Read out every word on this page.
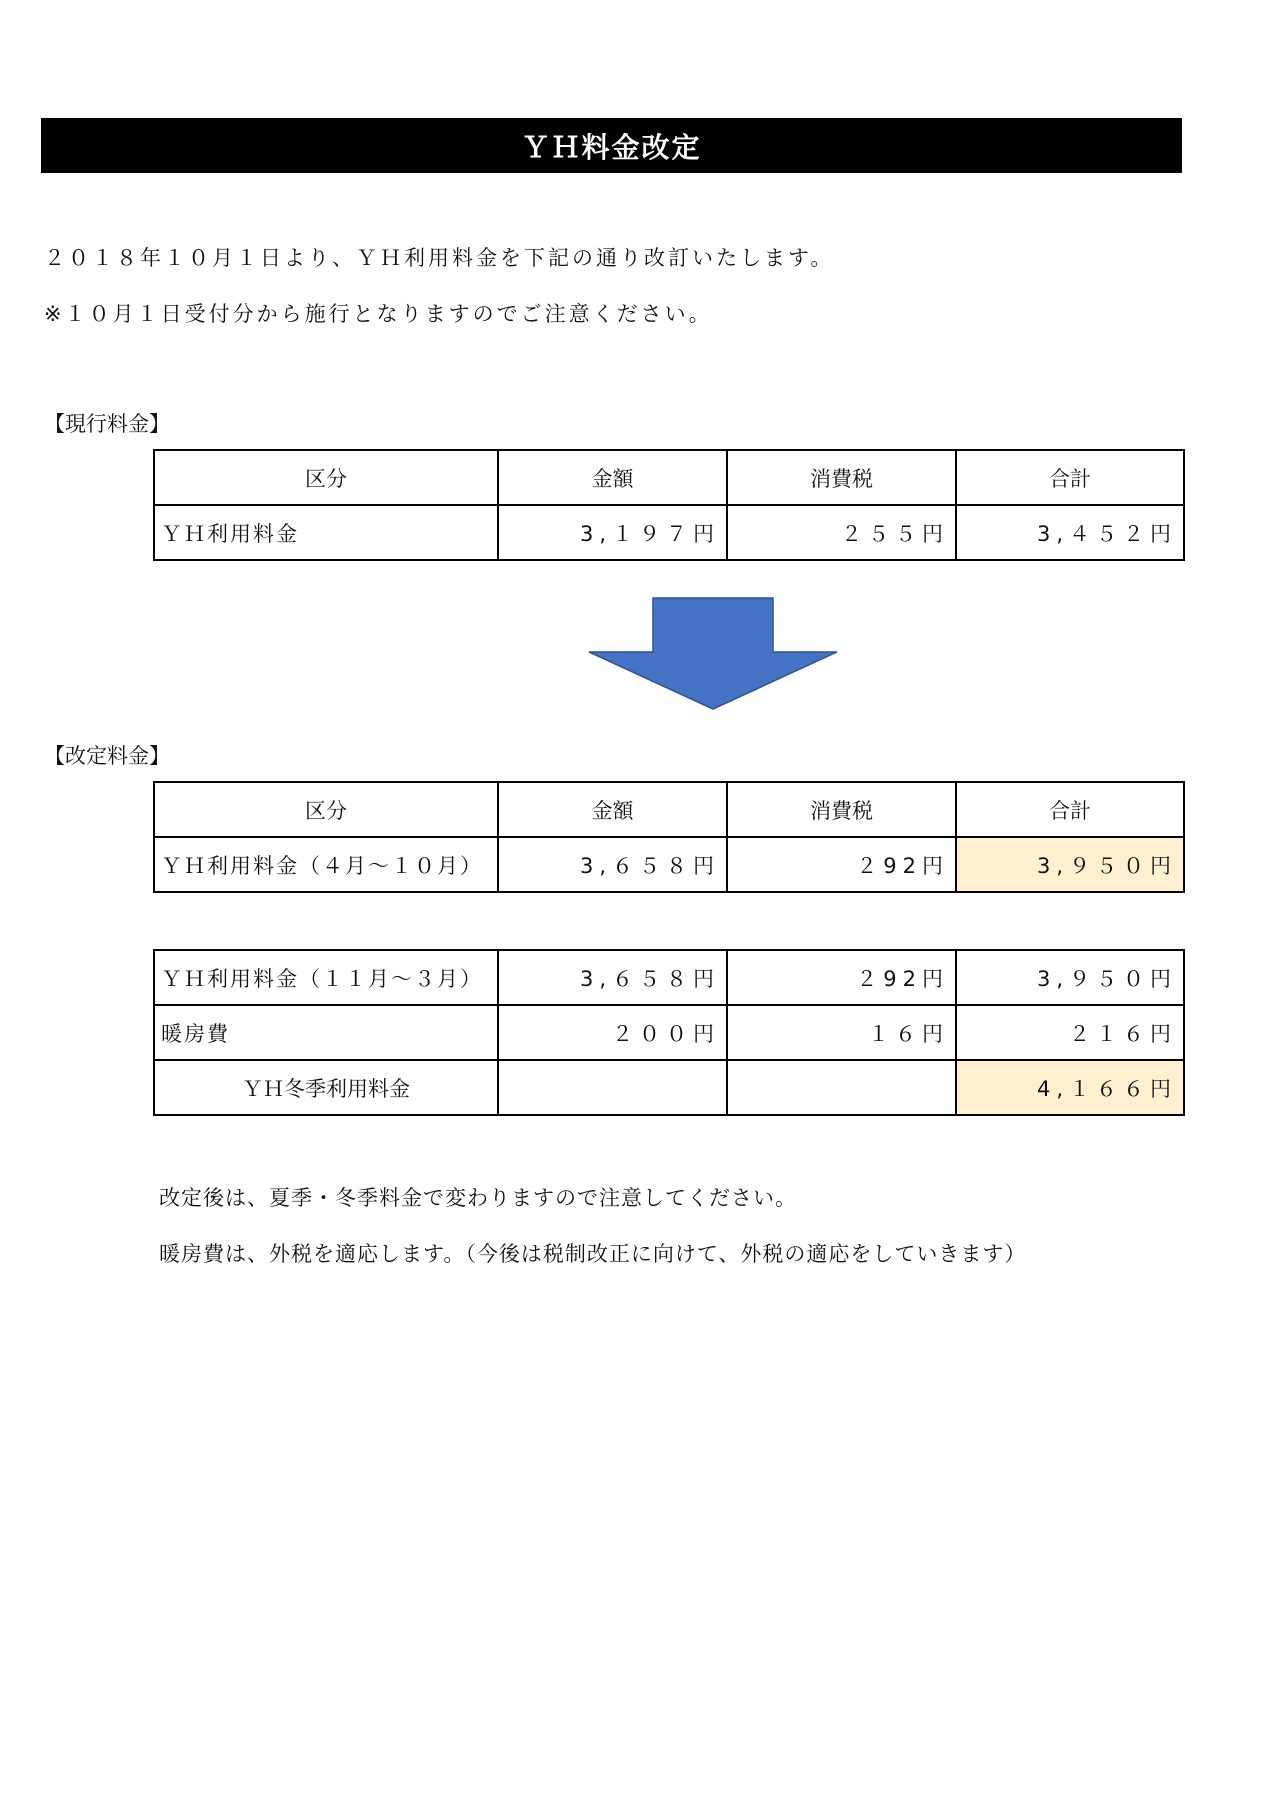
ＹＨ料金改定
２０１８年１０月１日より、ＹＨ利用料金を下記の通り改訂いたします。
※１０月１日受付分から施行となりますのでご注意ください。
【現行料金】
区分	金額	消費税	合計
ＹＨ利用料金	3,１９７円	２５５円	3,４５２円
【改定料金】
区分	金額	消費税	合計
ＹＨ利用料金（４月～１０月）	3,６５８円	２92円	3,９５０円
ＹＨ利用料金（１１月～３月）	3,６５８円	２92円	3,９５０円
暖房費	２００円	１６円	２１６円
ＹＨ冬季利用料金			4,１６６円
改定後は、夏季・冬季料金で変わりますので注意してください。
暖房費は、外税を適応します。（今後は税制改正に向けて、外税の適応をしていきます）
